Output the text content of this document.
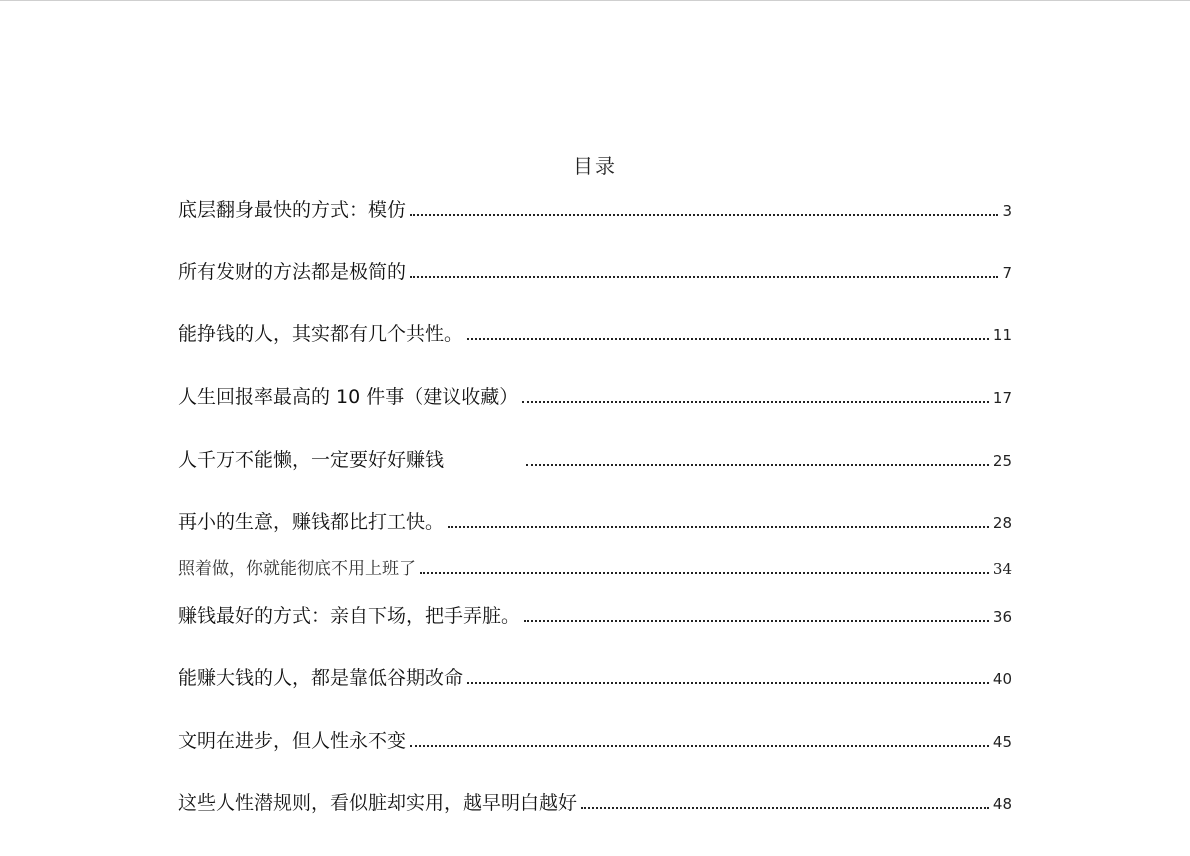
目录
底层翻身最快的方式：模仿	3
所有发财的方法都是极简的	7
能挣钱的人，其实都有几个共性。	11
人生回报率最高的 10 件事（建议收藏）	17
人千万不能懒，一定要好好赚钱	25
再小的生意，赚钱都比打工快。	28
照着做，你就能彻底不用上班了	34
赚钱最好的方式：亲自下场，把手弄脏。	36
能赚大钱的人，都是靠低谷期改命	40
文明在进步，但人性永不变	45
这些人性潜规则，看似脏却实用，越早明白越好	48
